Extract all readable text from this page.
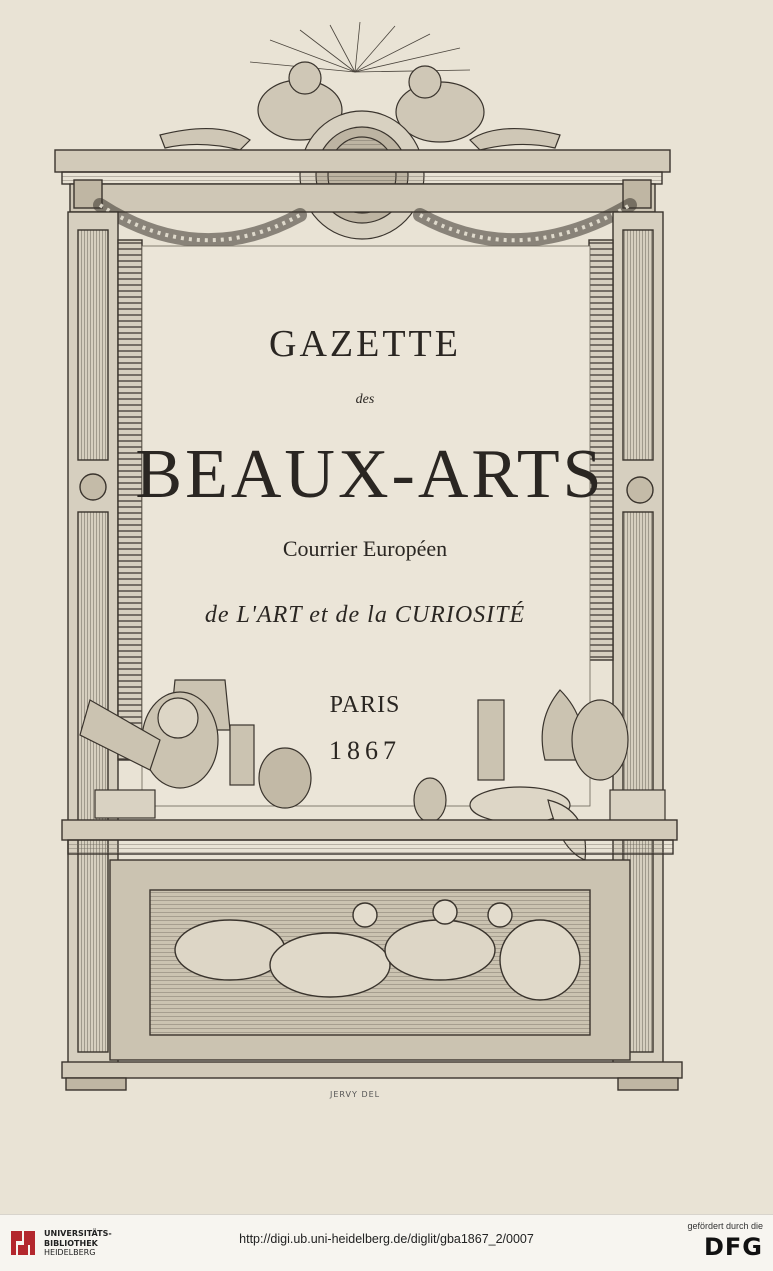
GAZETTE
des
BEAUX-ARTS
Courrier Européen
de L'ART et de la CURIOSITÉ
PARIS
1867
JERVY DEL
UNIVERSITÄTS-
BIBLIOTHEK
HEIDELBERG
http://digi.ub.uni-heidelberg.de/diglit/gba1867_2/0007
gefördert durch die
DFG
